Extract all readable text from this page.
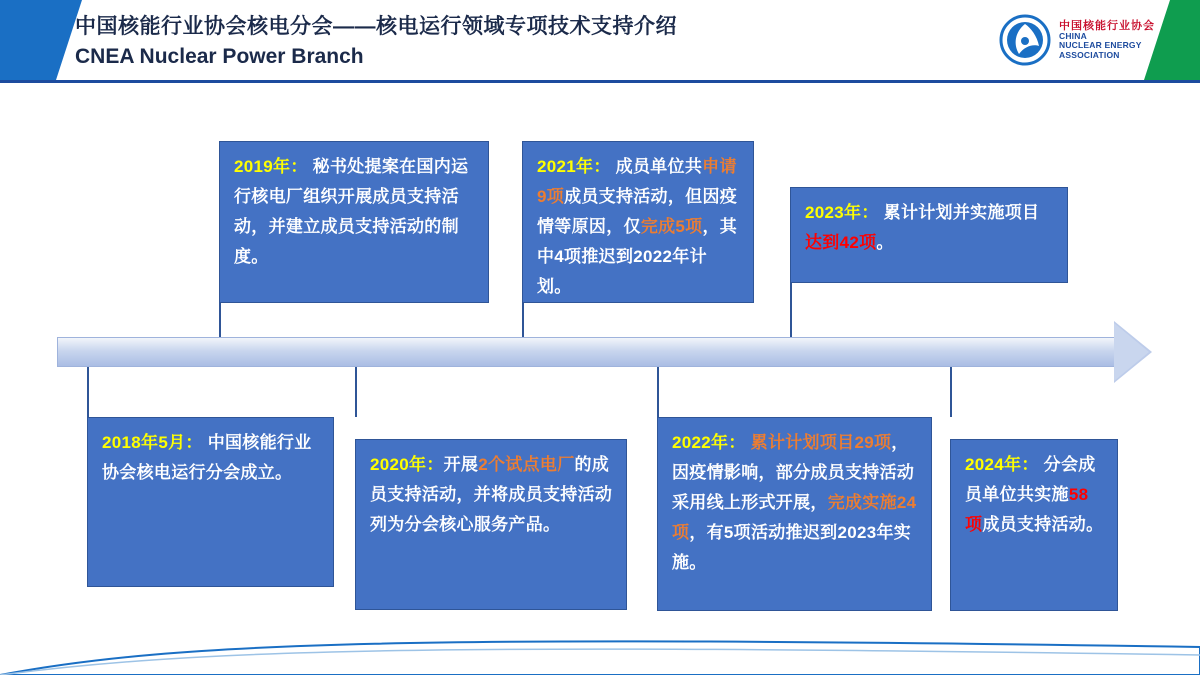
中国核能行业协会核电分会——核电运行领域专项技术支持介绍
CNEA Nuclear Power Branch
中国核能行业协会
CHINA
NUCLEAR ENERGY
ASSOCIATION
2019年： 秘书处提案在国内运行核电厂组织开展成员支持活动，并建立成员支持活动的制度。
2021年： 成员单位共申请9项成员支持活动，但因疫情等原因，仅完成5项，其中4项推迟到2022年计划。
2023年： 累计计划并实施项目达到42项。
2018年5月： 中国核能行业协会核电运行分会成立。	2020年：开展2个试点电厂的成员支持活动，并将成员支持活动列为分会核心服务产品。
2022年： 累计计划项目29项，因疫情影响，部分成员支持活动采用线上形式开展，完成实施24项，有5项活动推迟到2023年实施。
2024年： 分会成员单位共实施58项成员支持活动。
